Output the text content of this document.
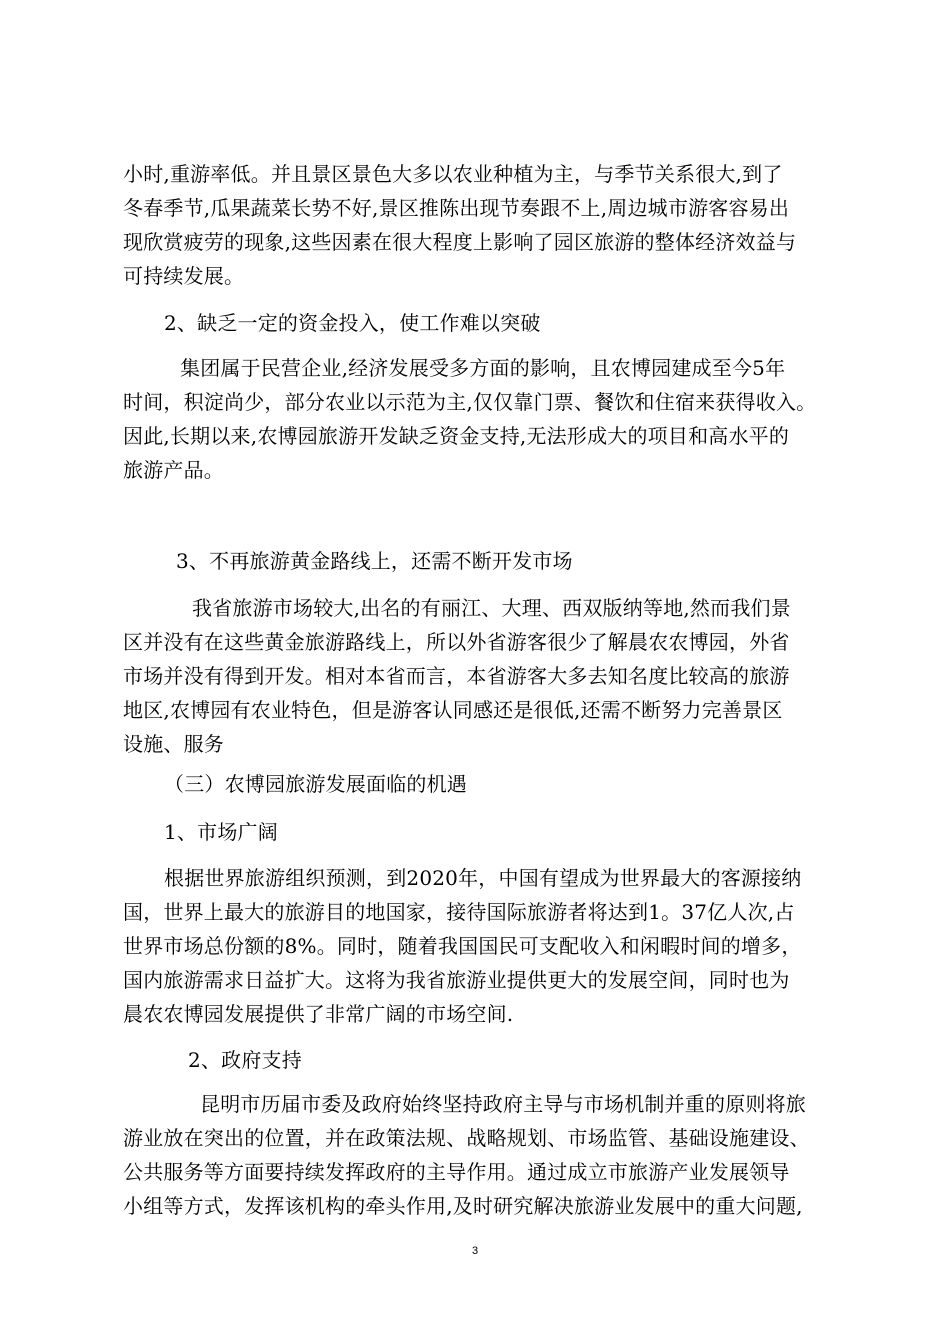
小时,重游率低。并且景区景色大多以农业种植为主，与季节关系很大,到了
冬春季节,瓜果蔬菜长势不好,景区推陈出现节奏跟不上,周边城市游客容易出
现欣赏疲劳的现象,这些因素在很大程度上影响了园区旅游的整体经济效益与
可持续发展。
2、缺乏一定的资金投入，使工作难以突破
集团属于民营企业,经济发展受多方面的影响，且农博园建成至今5年
时间，积淀尚少，部分农业以示范为主,仅仅靠门票、餐饮和住宿来获得收入。
因此,长期以来,农博园旅游开发缺乏资金支持,无法形成大的项目和高水平的
旅游产品。
3、不再旅游黄金路线上，还需不断开发市场
我省旅游市场较大,出名的有丽江、大理、西双版纳等地,然而我们景
区并没有在这些黄金旅游路线上，所以外省游客很少了解晨农农博园，外省
市场并没有得到开发。相对本省而言，本省游客大多去知名度比较高的旅游
地区,农博园有农业特色，但是游客认同感还是很低,还需不断努力完善景区
设施、服务
（三）农博园旅游发展面临的机遇
1、市场广阔
根据世界旅游组织预测，到2020年，中国有望成为世界最大的客源接纳
国，世界上最大的旅游目的地国家，接待国际旅游者将达到1。37亿人次,占
世界市场总份额的8%。同时，随着我国国民可支配收入和闲暇时间的增多，
国内旅游需求日益扩大。这将为我省旅游业提供更大的发展空间，同时也为
晨农农博园发展提供了非常广阔的市场空间.
2、政府支持
昆明市历届市委及政府始终坚持政府主导与市场机制并重的原则将旅
游业放在突出的位置，并在政策法规、战略规划、市场监管、基础设施建设、
公共服务等方面要持续发挥政府的主导作用。通过成立市旅游产业发展领导
小组等方式，发挥该机构的牵头作用,及时研究解决旅游业发展中的重大问题,
3
